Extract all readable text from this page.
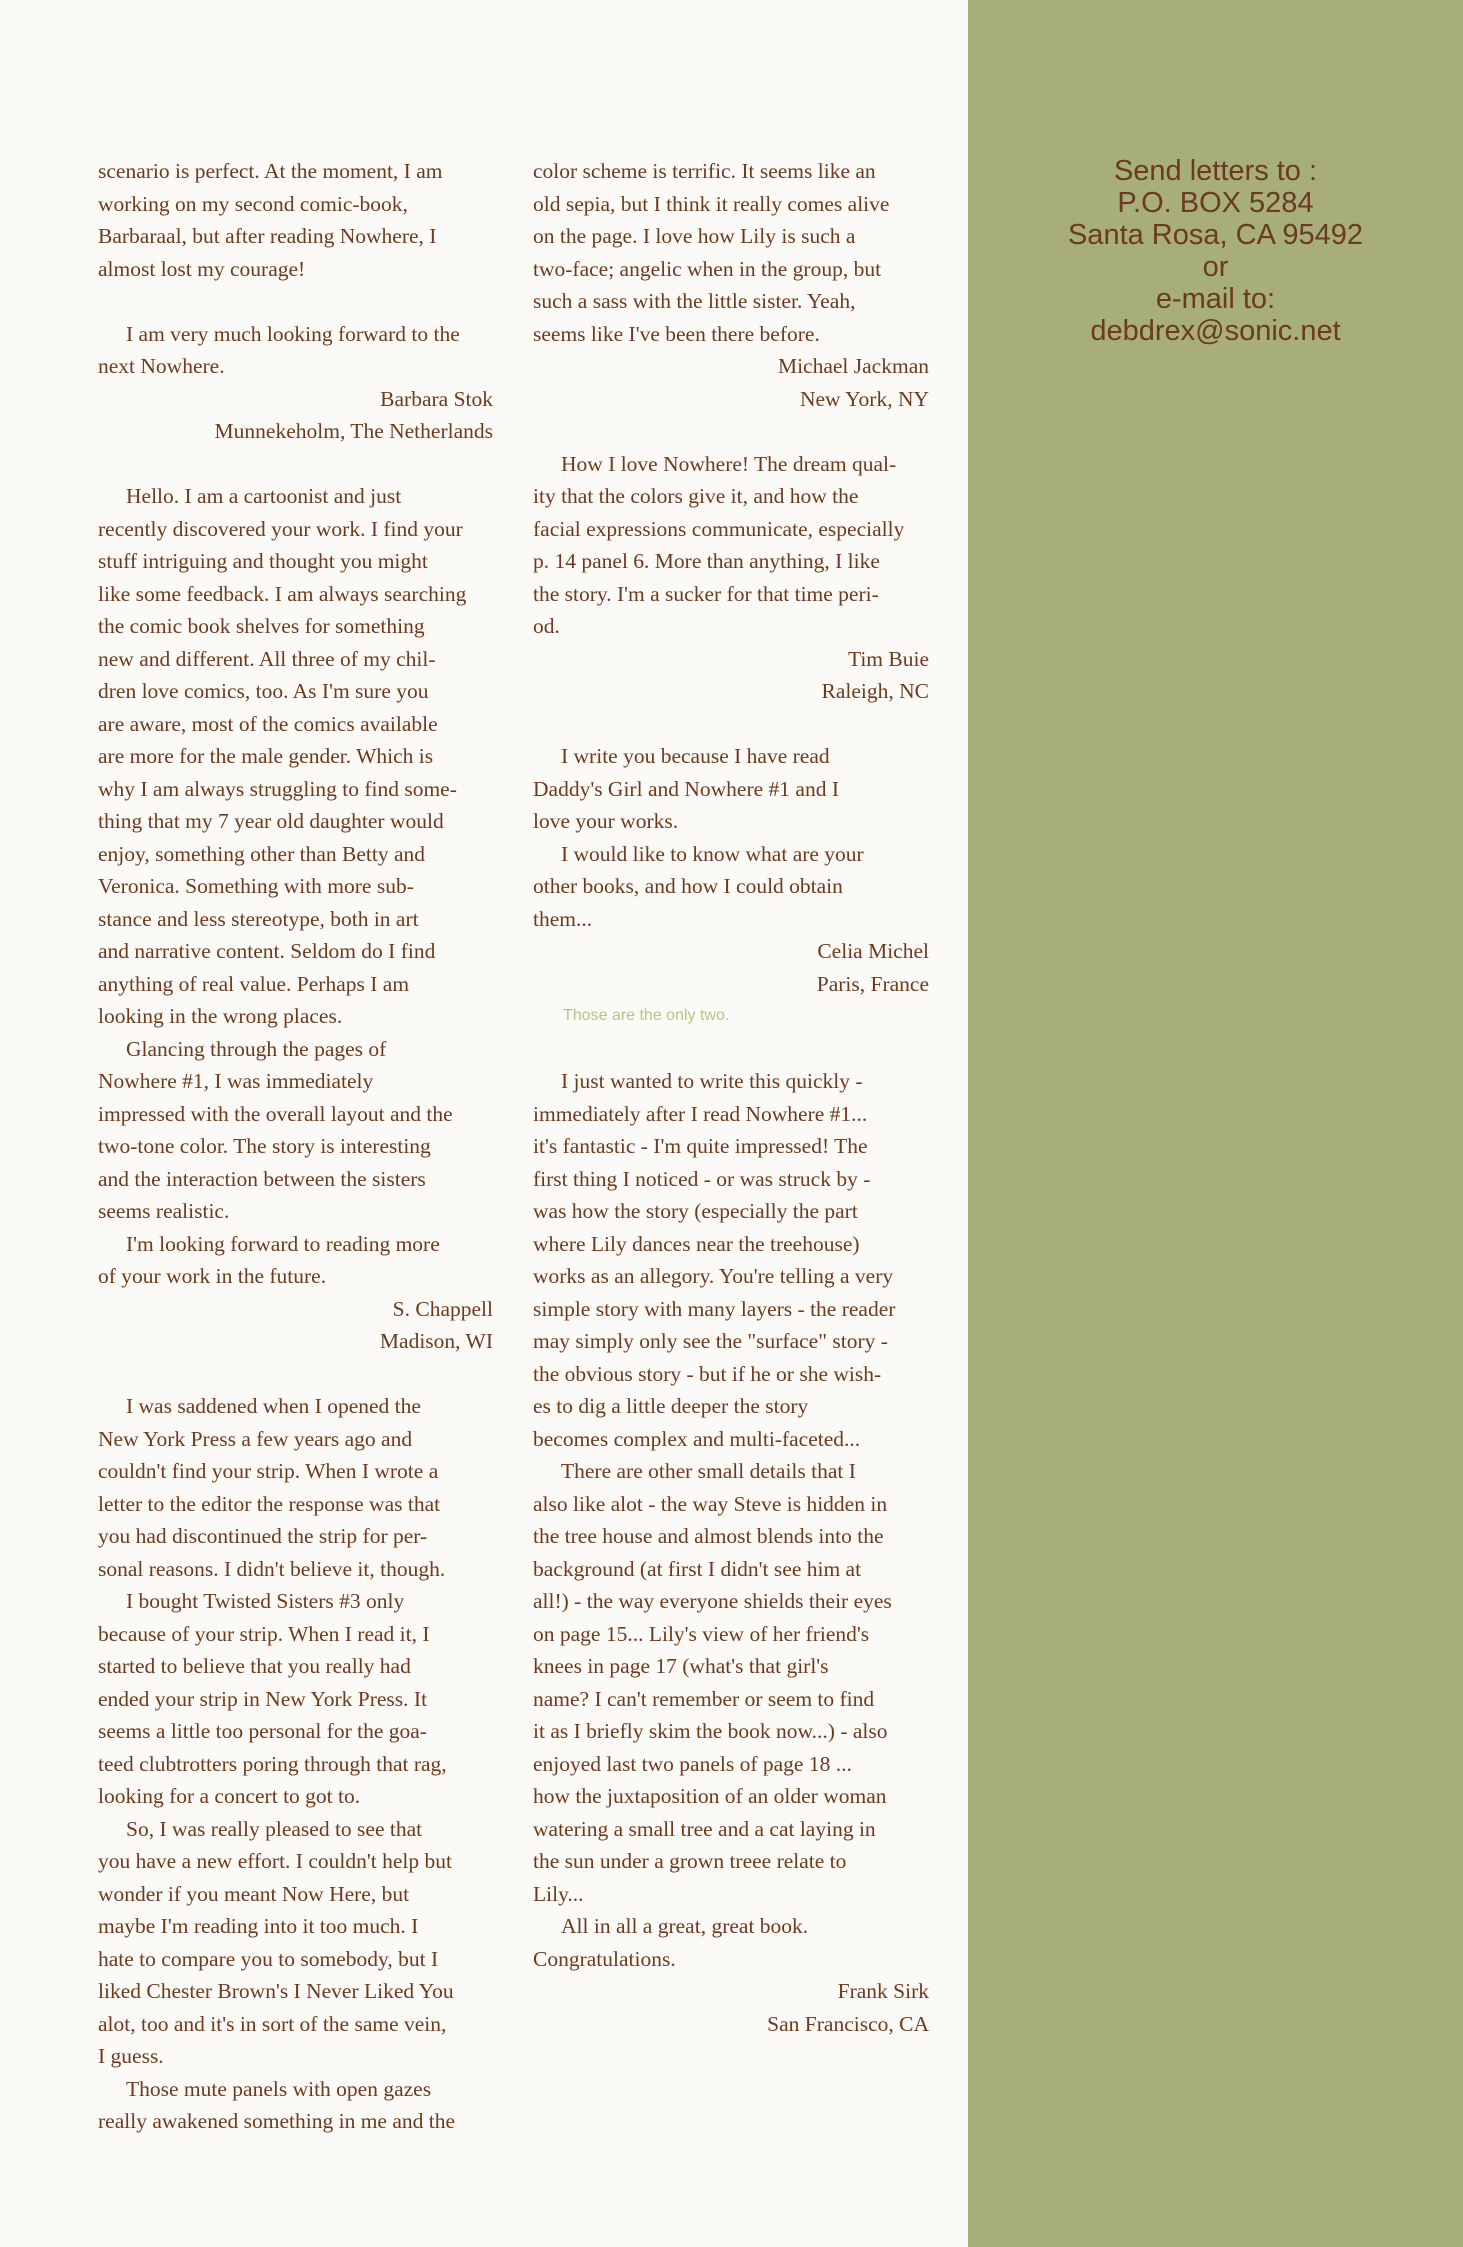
scenario is perfect. At the moment, I am

working on my second comic-book,

Barbaraal, but after reading Nowhere, I

almost lost my courage!

I am very much looking forward to the

next Nowhere.

Barbara Stok

Munnekeholm, The Netherlands

Hello. I am a cartoonist and just

recently discovered your work. I find your

stuff intriguing and thought you might

like some feedback. I am always searching

the comic book shelves for something

new and different. All three of my chil-

dren love comics, too. As I'm sure you

are aware, most of the comics available

are more for the male gender. Which is

why I am always struggling to find some-

thing that my 7 year old daughter would

enjoy, something other than Betty and

Veronica. Something with more sub-

stance and less stereotype, both in art

and narrative content. Seldom do I find

anything of real value. Perhaps I am

looking in the wrong places.

Glancing through the pages of

Nowhere #1, I was immediately

impressed with the overall layout and the

two-tone color. The story is interesting

and the interaction between the sisters

seems realistic.

I'm looking forward to reading more

of your work in the future.

S. Chappell

Madison, WI

I was saddened when I opened the

New York Press a few years ago and

couldn't find your strip. When I wrote a

letter to the editor the response was that

you had discontinued the strip for per-

sonal reasons. I didn't believe it, though.

I bought Twisted Sisters #3 only

because of your strip. When I read it, I

started to believe that you really had

ended your strip in New York Press. It

seems a little too personal for the goa-

teed clubtrotters poring through that rag,

looking for a concert to got to.

So, I was really pleased to see that

you have a new effort. I couldn't help but

wonder if you meant Now Here, but

maybe I'm reading into it too much. I

hate to compare you to somebody, but I

liked Chester Brown's I Never Liked You

alot, too and it's in sort of the same vein,

I guess.

Those mute panels with open gazes

really awakened something in me and the

color scheme is terrific. It seems like an

old sepia, but I think it really comes alive

on the page. I love how Lily is such a

two-face; angelic when in the group, but

such a sass with the little sister. Yeah,

seems like I've been there before.

Michael Jackman

New York, NY

How I love Nowhere! The dream qual-

ity that the colors give it, and how the

facial expressions communicate, especially

p. 14 panel 6. More than anything, I like

the story. I'm a sucker for that time peri-

od.

Tim Buie

Raleigh, NC

I write you because I have read

Daddy's Girl and Nowhere #1 and I

love your works.

I would like to know what are your

other books, and how I could obtain

them...

Celia Michel

Paris, France

Those are the only two.

I just wanted to write this quickly -

immediately after I read Nowhere #1...

it's fantastic - I'm quite impressed! The

first thing I noticed - or was struck by -

was how the story (especially the part

where Lily dances near the treehouse)

works as an allegory. You're telling a very

simple story with many layers - the reader

may simply only see the "surface" story -

the obvious story - but if he or she wish-

es to dig a little deeper the story

becomes complex and multi-faceted...

There are other small details that I

also like alot - the way Steve is hidden in

the tree house and almost blends into the

background (at first I didn't see him at

all!) - the way everyone shields their eyes

on page 15... Lily's view of her friend's

knees in page 17 (what's that girl's

name? I can't remember or seem to find

it as I briefly skim the book now...) - also

enjoyed last two panels of page 18 ...

how the juxtaposition of an older woman

watering a small tree and a cat laying in

the sun under a grown treee relate to

Lily...

All in all a great, great book.

Congratulations.

Frank Sirk

San Francisco, CA

Send letters to :
P.O. BOX 5284
Santa Rosa, CA 95492
or
e-mail to:
debdrex@sonic.net
